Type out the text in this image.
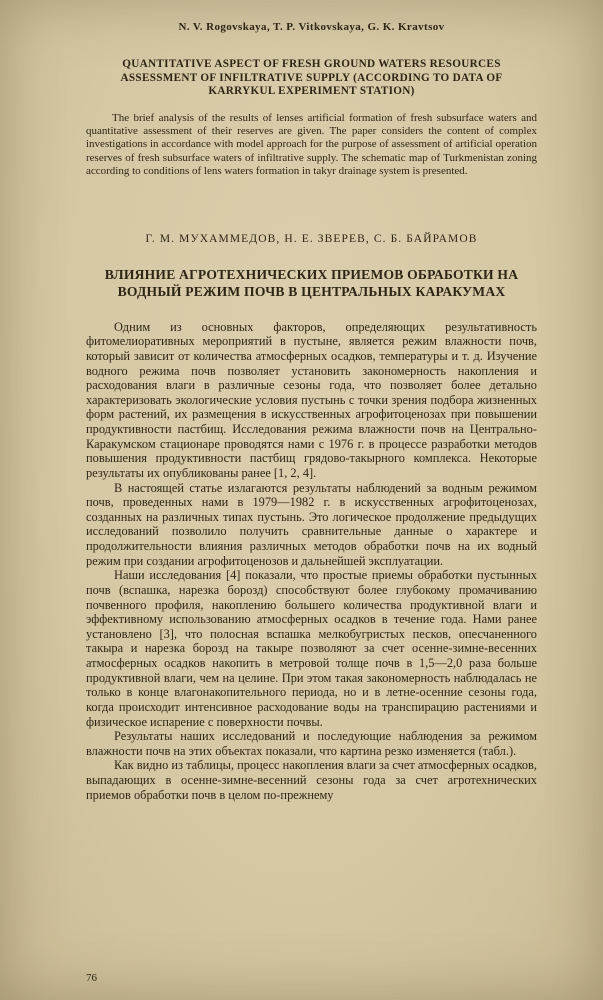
N. V. Rogovskaya, T. P. Vitkovskaya, G. K. Kravtsov
QUANTITATIVE ASPECT OF FRESH GROUND WATERS RESOURCES ASSESSMENT OF INFILTRATIVE SUPPLY (ACCORDING TO DATA OF KARRYKUL EXPERIMENT STATION)
The brief analysis of the results of lenses artificial formation of fresh subsurface waters and quantitative assessment of their reserves are given. The paper considers the content of complex investigations in accordance with model approach for the purpose of assessment of artificial operation reserves of fresh subsurface waters of infiltrative supply. The schematic map of Turkmenistan zoning according to conditions of lens waters formation in takyr drainage system is presented.
Г. М. МУХАММЕДОВ, Н. Е. ЗВЕРЕВ, С. Б. БАЙРАМОВ
ВЛИЯНИЕ АГРОТЕХНИЧЕСКИХ ПРИЕМОВ ОБРАБОТКИ НА ВОДНЫЙ РЕЖИМ ПОЧВ В ЦЕНТРАЛЬНЫХ КАРАКУМАХ

Одним из основных факторов, определяющих результативность фитомелиоративных мероприятий в пустыне, является режим влажности почв, который зависит от количества атмосферных осадков, температуры и т. д. Изучение водного режима почв позволяет установить закономерность накопления и расходования влаги в различные сезоны года, что позволяет более детально характеризовать экологические условия пустынь с точки зрения подбора жизненных форм растений, их размещения в искусственных агрофитоценозах при повышении продуктивности пастбищ. Исследования режима влажности почв на Центрально-Каракумском стационаре проводятся нами с 1976 г. в процессе разработки методов повышения продуктивности пастбищ грядово-такырного комплекса. Некоторые результаты их опубликованы ранее [1, 2, 4].

В настоящей статье излагаются результаты наблюдений за водным режимом почв, проведенных нами в 1979—1982 г. в искусственных агрофитоценозах, созданных на различных типах пустынь. Это логическое продолжение предыдущих исследований позволило получить сравнительные данные о характере и продолжительности влияния различных методов обработки почв на их водный режим при создании агрофитоценозов и дальнейшей эксплуатации.

Наши исследования [4] показали, что простые приемы обработки пустынных почв (вспашка, нарезка борозд) способствуют более глубокому промачиванию почвенного профиля, накоплению большего количества продуктивной влаги и эффективному использованию атмосферных осадков в течение года. Нами ранее установлено [3], что полосная вспашка мелкобугристых песков, опесчаненного такыра и нарезка борозд на такыре позволяют за счет осенне-зимне-весенних атмосферных осадков накопить в метровой толще почв в 1,5—2,0 раза больше продуктивной влаги, чем на целине. При этом такая закономерность наблюдалась не только в конце влагонакопительного периода, но и в летне-осенние сезоны года, когда происходит интенсивное расходование воды на транспирацию растениями и физическое испарение с поверхности почвы.

Результаты наших исследований и последующие наблюдения за режимом влажности почв на этих объектах показали, что картина резко изменяется (табл.).

Как видно из таблицы, процесс накопления влаги за счет атмосферных осадков, выпадающих в осенне-зимне-весенний сезоны года за счет агротехнических приемов обработки почв в целом по-прежнему

76
